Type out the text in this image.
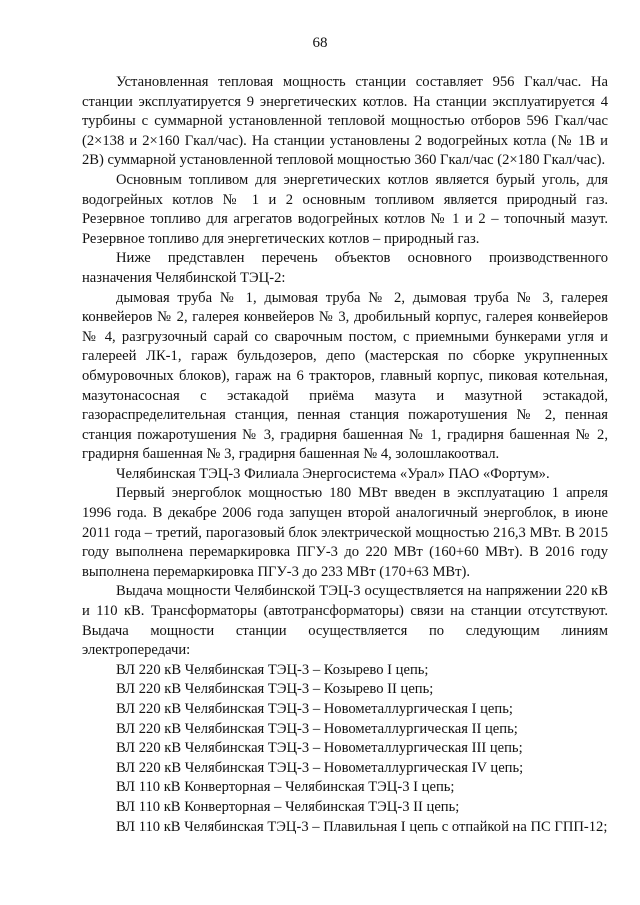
68

Установленная тепловая мощность станции составляет 956 Гкал/час. На станции эксплуатируется 9 энергетических котлов. На станции эксплуатируется 4 турбины с суммарной установленной тепловой мощностью отборов 596 Гкал/час (2×138 и 2×160 Гкал/час). На станции установлены 2 водогрейных котла (№ 1В и 2В) суммарной установленной тепловой мощностью 360 Гкал/час (2×180 Гкал/час).

Основным топливом для энергетических котлов является бурый уголь, для водогрейных котлов № 1 и 2 основным топливом является природный газ. Резервное топливо для агрегатов водогрейных котлов № 1 и 2 – топочный мазут. Резервное топливо для энергетических котлов – природный газ.

Ниже представлен перечень объектов основного производственного назначения Челябинской ТЭЦ-2:

дымовая труба № 1, дымовая труба № 2, дымовая труба № 3, галерея конвейеров № 2, галерея конвейеров № 3, дробильный корпус, галерея конвейеров № 4, разгрузочный сарай со сварочным постом, с приемными бункерами угля и галереей ЛК-1, гараж бульдозеров, депо (мастерская по сборке укрупненных обмуровочных блоков), гараж на 6 тракторов, главный корпус, пиковая котельная, мазутонасосная с эстакадой приёма мазута и мазутной эстакадой, газораспределительная станция, пенная станция пожаротушения № 2, пенная станция пожаротушения № 3, градирня башенная № 1, градирня башенная № 2, градирня башенная № 3, градирня башенная № 4, золошлакоотвал.

Челябинская ТЭЦ-3 Филиала Энергосистема «Урал» ПАО «Фортум».

Первый энергоблок мощностью 180 МВт введен в эксплуатацию 1 апреля 1996 года. В декабре 2006 года запущен второй аналогичный энергоблок, в июне 2011 года – третий, парогазовый блок электрической мощностью 216,3 МВт. В 2015 году выполнена перемаркировка ПГУ-3 до 220 МВт (160+60 МВт). В 2016 году выполнена перемаркировка ПГУ-3 до 233 МВт (170+63 МВт).

Выдача мощности Челябинской ТЭЦ-3 осуществляется на напряжении 220 кВ и 110 кВ. Трансформаторы (автотрансформаторы) связи на станции отсутствуют. Выдача мощности станции осуществляется по следующим линиям электропередачи:

ВЛ 220 кВ Челябинская ТЭЦ-3 – Козырево I цепь;

ВЛ 220 кВ Челябинская ТЭЦ-3 – Козырево II цепь;

ВЛ 220 кВ Челябинская ТЭЦ-3 – Новометаллургическая I цепь;

ВЛ 220 кВ Челябинская ТЭЦ-3 – Новометаллургическая II цепь;

ВЛ 220 кВ Челябинская ТЭЦ-3 – Новометаллургическая III цепь;

ВЛ 220 кВ Челябинская ТЭЦ-3 – Новометаллургическая IV цепь;

ВЛ 110 кВ Конверторная – Челябинская ТЭЦ-3 I цепь;

ВЛ 110 кВ Конверторная – Челябинская ТЭЦ-3 II цепь;

ВЛ 110 кВ Челябинская ТЭЦ-3 – Плавильная I цепь с отпайкой на ПС ГПП-12;
